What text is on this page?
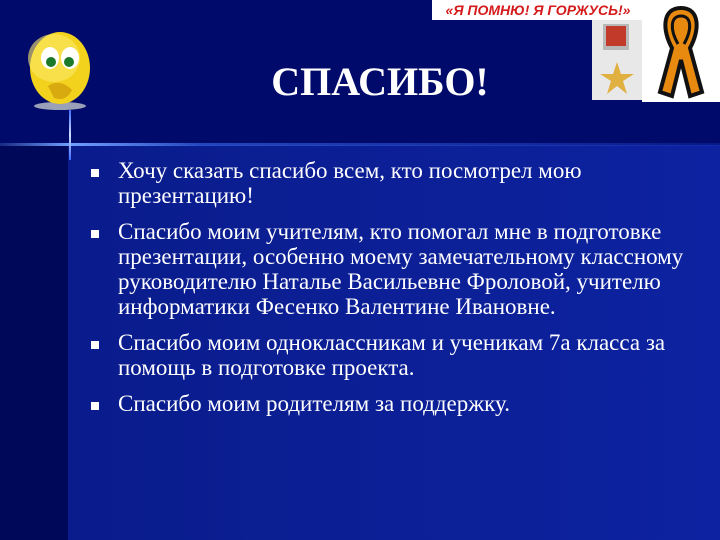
СПАСИБО!
«Я ПОМНЮ! Я ГОРЖУСЬ!»
Хочу сказать спасибо всем, кто посмотрел мою презентацию!
Спасибо моим учителям, кто помогал мне в подготовке презентации, особенно моему замечательному классному руководителю Наталье Васильевне Фроловой, учителю информатики Фесенко Валентине Ивановне.
Спасибо моим одноклассникам и ученикам 7а класса за помощь в подготовке проекта.
Спасибо моим родителям за поддержку.
